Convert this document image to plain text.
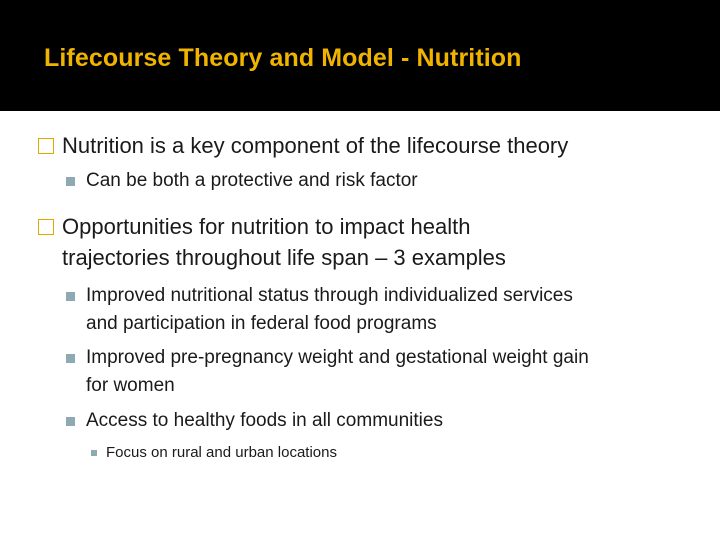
Lifecourse Theory and Model - Nutrition
Nutrition is a key component of the lifecourse theory
Can be both a protective and risk factor
Opportunities for nutrition to impact health
trajectories throughout life span – 3 examples
Improved nutritional status through individualized services
and participation in federal food programs
Improved pre-pregnancy weight and gestational weight gain
for women
Access to healthy foods in all communities
Focus on rural and urban locations
